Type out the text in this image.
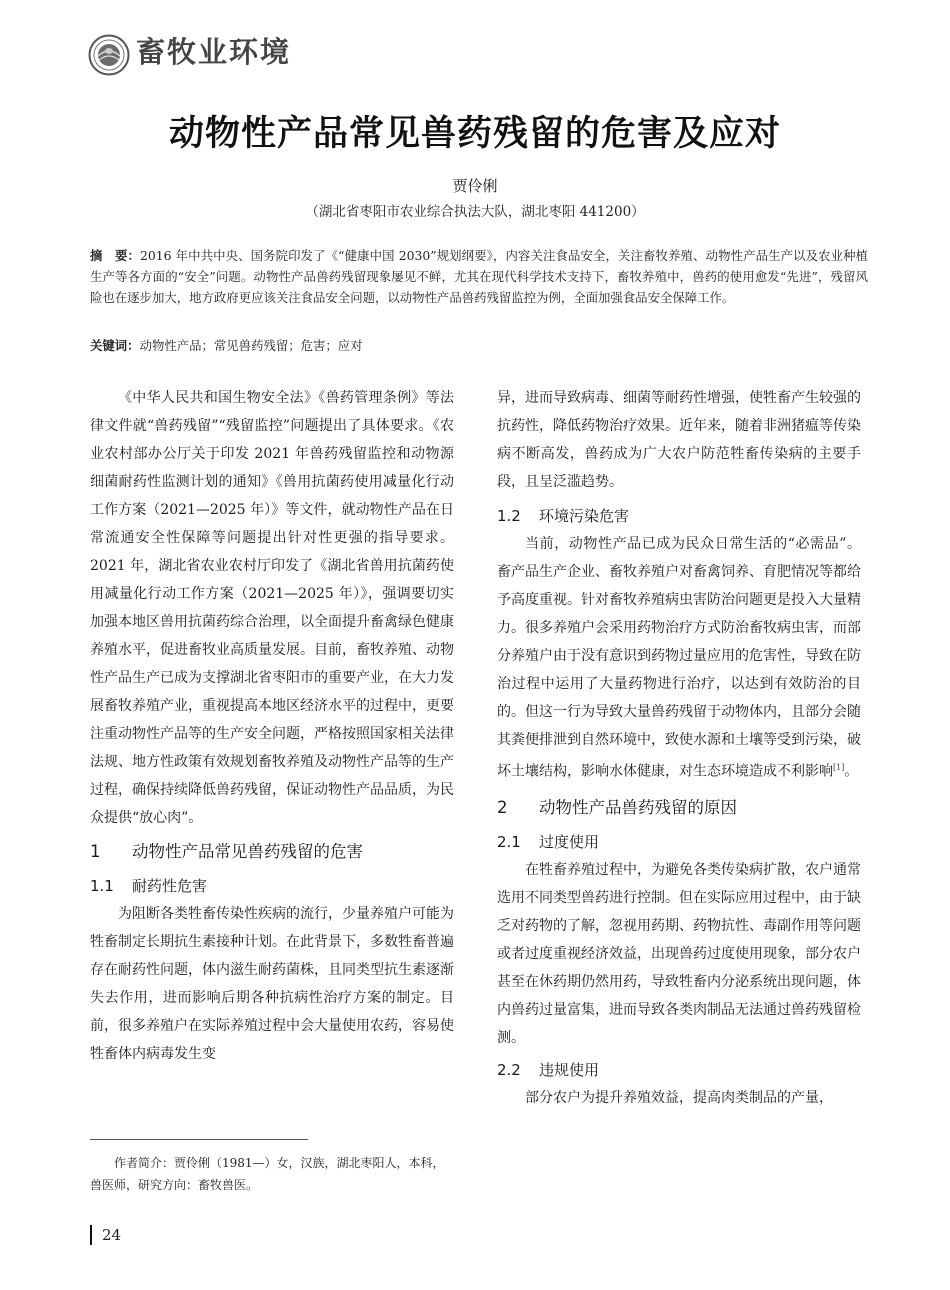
畜牧业环境
动物性产品常见兽药残留的危害及应对
贾伶俐
（湖北省枣阳市农业综合执法大队，湖北枣阳 441200）
摘　要：2016 年中共中央、国务院印发了《“健康中国 2030”规划纲要》，内容关注食品安全，关注畜牧养殖、动物性产品生产以及农业种植生产等各方面的“安全”问题。动物性产品兽药残留现象屡见不鲜，尤其在现代科学技术支持下，畜牧养殖中，兽药的使用愈发“先进”，残留风险也在逐步加大，地方政府更应该关注食品安全问题，以动物性产品兽药残留监控为例，全面加强食品安全保障工作。
关键词：动物性产品；常见兽药残留；危害；应对

《中华人民共和国生物安全法》《兽药管理条例》等法律文件就“兽药残留”“残留监控”问题提出了具体要求。《农业农村部办公厅关于印发 2021 年兽药残留监控和动物源细菌耐药性监测计划的通知》《兽用抗菌药使用减量化行动工作方案（2021—2025 年）》等文件，就动物性产品在日常流通安全性保障等问题提出针对性更强的指导要求。2021 年，湖北省农业农村厅印发了《湖北省兽用抗菌药使用减量化行动工作方案（2021—2025 年）》，强调要切实加强本地区兽用抗菌药综合治理，以全面提升畜禽绿色健康养殖水平，促进畜牧业高质量发展。目前，畜牧养殖、动物性产品生产已成为支撑湖北省枣阳市的重要产业，在大力发展畜牧养殖产业，重视提高本地区经济水平的过程中，更要注重动物性产品等的生产安全问题，严格按照国家相关法律法规、地方性政策有效规划畜牧养殖及动物性产品等的生产过程，确保持续降低兽药残留，保证动物性产品品质，为民众提供“放心肉”。

1 动物性产品常见兽药残留的危害
1.1 耐药性危害

为阻断各类牲畜传染性疾病的流行，少量养殖户可能为牲畜制定长期抗生素接种计划。在此背景下，多数牲畜普遍存在耐药性问题，体内滋生耐药菌株，且同类型抗生素逐渐失去作用，进而影响后期各种抗病性治疗方案的制定。目前，很多养殖户在实际养殖过程中会大量使用农药，容易使牲畜体内病毒发生变

异，进而导致病毒、细菌等耐药性增强，使牲畜产生较强的抗药性，降低药物治疗效果。近年来，随着非洲猪瘟等传染病不断高发，兽药成为广大农户防范牲畜传染病的主要手段，且呈泛滥趋势。

1.2 环境污染危害

当前，动物性产品已成为民众日常生活的“必需品”。畜产品生产企业、畜牧养殖户对畜禽饲养、育肥情况等都给予高度重视。针对畜牧养殖病虫害防治问题更是投入大量精力。很多养殖户会采用药物治疗方式防治畜牧病虫害，而部分养殖户由于没有意识到药物过量应用的危害性，导致在防治过程中运用了大量药物进行治疗，以达到有效防治的目的。但这一行为导致大量兽药残留于动物体内，且部分会随其粪便排泄到自然环境中，致使水源和土壤等受到污染，破坏土壤结构，影响水体健康，对生态环境造成不利影响[1]。

2 动物性产品兽药残留的原因
2.1 过度使用

在牲畜养殖过程中，为避免各类传染病扩散，农户通常选用不同类型兽药进行控制。但在实际应用过程中，由于缺乏对药物的了解，忽视用药期、药物抗性、毒副作用等问题或者过度重视经济效益，出现兽药过度使用现象，部分农户甚至在休药期仍然用药，导致牲畜内分泌系统出现问题，体内兽药过量富集，进而导致各类肉制品无法通过兽药残留检测。

2.2 违规使用

部分农户为提升养殖效益，提高肉类制品的产量，

作者简介：贾伶俐（1981—）女，汉族，湖北枣阳人，本科，兽医师，研究方向：畜牧兽医。
24
